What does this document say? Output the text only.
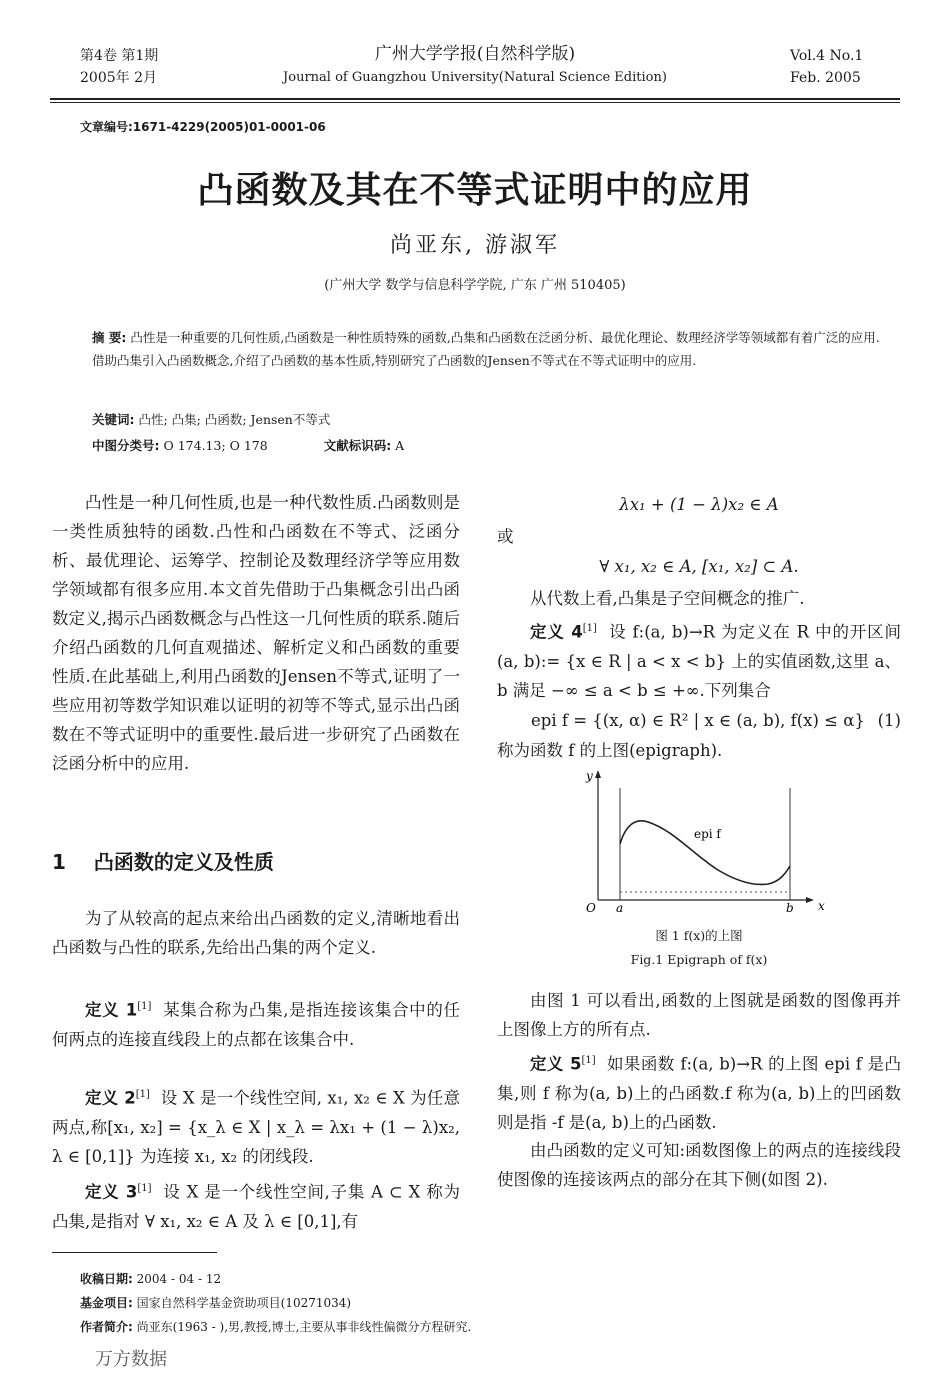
第4卷 第1期
2005年 2月
广州大学学报(自然科学版)
Journal of Guangzhou University(Natural Science Edition)
Vol.4 No.1
Feb. 2005
文章编号:1671-4229(2005)01-0001-06
凸函数及其在不等式证明中的应用
尚亚东, 游淑军
(广州大学 数学与信息科学学院, 广东 广州 510405)
摘 要: 凸性是一种重要的几何性质,凸函数是一种性质特殊的函数,凸集和凸函数在泛函分析、最优化理论、数理经济学等领域都有着广泛的应用.借助凸集引入凸函数概念,介绍了凸函数的基本性质,特别研究了凸函数的Jensen不等式在不等式证明中的应用.
关键词: 凸性; 凸集; 凸函数; Jensen不等式
中图分类号: O 174.13; O 178	文献标识码: A
凸性是一种几何性质,也是一种代数性质.凸函数则是一类性质独特的函数.凸性和凸函数在不等式、泛函分析、最优理论、运筹学、控制论及数理经济学等应用数学领域都有很多应用.本文首先借助于凸集概念引出凸函数定义,揭示凸函数概念与凸性这一几何性质的联系.随后介绍凸函数的几何直观描述、解析定义和凸函数的重要性质.在此基础上,利用凸函数的Jensen不等式,证明了一些应用初等数学知识难以证明的初等不等式,显示出凸函数在不等式证明中的重要性.最后进一步研究了凸函数在泛函分析中的应用.
1 凸函数的定义及性质
为了从较高的起点来给出凸函数的定义,清晰地看出凸函数与凸性的联系,先给出凸集的两个定义.
定义 1[1] 某集合称为凸集,是指连接该集合中的任何两点的连接直线段上的点都在该集合中.
定义 2[1] 设 X 是一个线性空间, x₁, x₂ ∈ X 为任意两点,称[x₁, x₂] = {x_λ ∈ X | x_λ = λx₁ + (1 − λ)x₂, λ ∈ [0,1]} 为连接 x₁, x₂ 的闭线段.
定义 3[1] 设 X 是一个线性空间,子集 A ⊂ X 称为凸集,是指对 ∀ x₁, x₂ ∈ A 及 λ ∈ [0,1],有
λx₁ + (1 − λ)x₂ ∈ A
或
∀ x₁, x₂ ∈ A, [x₁, x₂] ⊂ A.
从代数上看,凸集是子空间概念的推广.
定义 4[1] 设 f:(a, b)→R 为定义在 R 中的开区间(a, b):= {x ∈ R | a < x < b} 上的实值函数,这里 a、b 满足 −∞ ≤ a < b ≤ +∞.下列集合
epi f = {(x, α) ∈ R² | x ∈ (a, b), f(x) ≤ α} (1)
称为函数 f 的上图(epigraph).
y
x
O a	b
epi f
图 1 f(x)的上图
Fig.1 Epigraph of f(x)
由图 1 可以看出,函数的上图就是函数的图像再并上图像上方的所有点.
定义 5[1] 如果函数 f:(a, b)→R 的上图 epi f 是凸集,则 f 称为(a, b)上的凸函数.f 称为(a, b)上的凹函数则是指 -f 是(a, b)上的凸函数.
由凸函数的定义可知:函数图像上的两点的连接线段使图像的连接该两点的部分在其下侧(如图 2).
收稿日期: 2004 - 04 - 12
基金项目: 国家自然科学基金资助项目(10271034)
作者简介: 尚亚东(1963 - ),男,教授,博士,主要从事非线性偏微分方程研究.
万方数据
